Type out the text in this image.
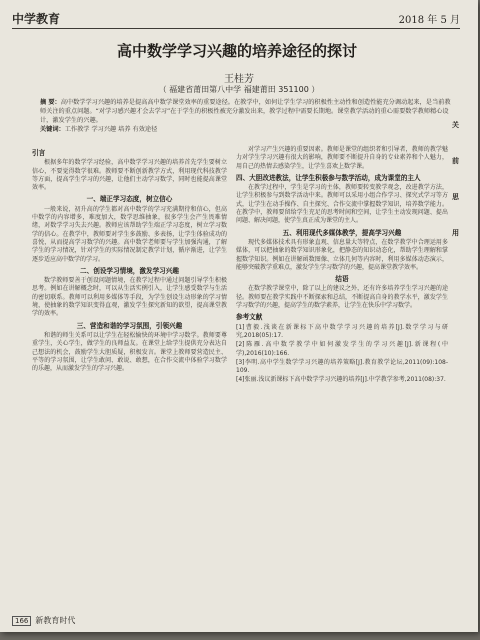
中学教育	2018 年 5 月
高中数学学习兴趣的培养途径的探讨
王桂芳
（ 福建省莆田第八中学 福建莆田 351100 ）
摘 要：高中数学学习兴趣的培养是提高高中数学课堂效率的重要途径。在教学中，如何让学生学习的积极性主动性和创造性能充分调动起来，是当前教师关注的重点问题。“对学习感兴趣才会去学习”在于学生的积极性被充分激发出来，教学过程中需要长期地。课堂教学活动的重心需要数学教师精心设计，激发学生的兴趣。
关键词：工作教学 学习兴趣 培养 有效途径

引言

根据多年的数学学习经验，高中数学学习兴趣的培养首先学生要树立信心，不要觉得数学很难。教师要不断创新教学方式，利用现代科技教学等方面，提高学生学习的兴趣，让他们主动学习数学，同时也能提高课堂效率。

一、端正学习态度，树立信心

一般来说，初升高的学生都对高中数学的学习充满期待和信心，但高中数学的内容增多，难度加大，数学思维抽象，很多学生会产生畏难情绪，对数学学习失去兴趣。教师应该帮助学生端正学习态度，树立学习数学的信心。在教学中，教师要对学生多鼓励、多表扬，让学生体验成功的喜悦，从而提高学习数学的兴趣。高中数学老师要与学生加强沟通，了解学生的学习情况，针对学生的实际情况制定教学计划，循序渐进，让学生逐步适应高中数学的学习。

二、创设学习情境，激发学习兴趣

数学教师要善于创设问题情境，在教学过程中通过问题引导学生积极思考。例如在讲解概念时，可以从生活实例引入，让学生感受数学与生活的密切联系。教师可以利用多媒体等手段，为学生创设生动形象的学习情境，使抽象的数学知识变得直观，激发学生探究新知的欲望，提高课堂教学的效率。

三、营造和谐的学习氛围，引领兴趣

和谐的师生关系可以让学生在轻松愉快的环境中学习数学。教师要尊重学生，关心学生，做学生的良师益友。在课堂上给学生提供充分表达自己想法的机会，鼓励学生大胆质疑，积极发言。课堂上教师要营造民主、平等的学习氛围，让学生敢问、敢说、敢想，在合作交流中体验学习数学的乐趣，从而激发学生的学习兴趣。

对学习产生兴趣的重要因素。教师是课堂的组织者和引导者，教师的教学魅力对学生学习兴趣有很大的影响，教师要不断提升自身的专业素养和个人魅力，用自己的热情去感染学生，让学生喜欢上数学课。

四、大胆改进教法，让学生积极参与数学活动，成为课堂的主人

在教学过程中，学生是学习的主体，教师要转变教学观念，改进教学方法，让学生积极参与到数学活动中来。教师可以采用小组合作学习、探究式学习等方式，让学生在动手操作、自主探究、合作交流中掌握数学知识，培养数学能力。在教学中，教师要留给学生充足的思考时间和空间，让学生主动发现问题、提出问题、解决问题，使学生真正成为课堂的主人。

五、利用现代多媒体教学，提高学习兴趣

现代多媒体技术具有形象直观、信息量大等特点，在数学教学中合理运用多媒体，可以把抽象的数学知识形象化，把静态的知识动态化，帮助学生理解和掌握数学知识。例如在讲解函数图像、立体几何等内容时，利用多媒体动态演示，能够突破教学重难点，激发学生学习数学的兴趣，提高课堂教学效率。

结语

在数学教学课堂中，除了以上的建议之外，还有许多培养学生学习兴趣的途径。教师要在教学实践中不断探索和总结，不断提高自身的教学水平，激发学生学习数学的兴趣，提高学生的数学素养，让学生在快乐中学习数学。

参考文献

[1]曹毅.浅谈在新课标下高中数学学习兴趣的培养[J].数学学习与研究,2018(05):17.

[2]陈雁.高中数学教学中如何激发学生的学习兴趣[J].新课程(中学),2016(10):166.

[3]李明.高中学生数学学习兴趣的培养策略[J].教育教学论坛,2011(09):108-109.

[4]张丽.浅议新课标下高中数学学习兴趣的培养[J].中学教学参考,2011(08):37.

关
前
思
用
166 新教育时代
